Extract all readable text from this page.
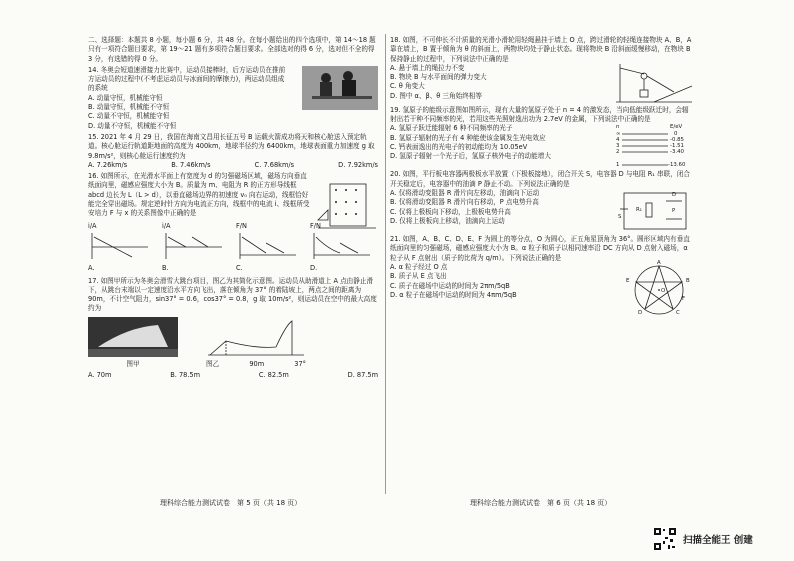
二、选择题：本题共 8 小题，每小题 6 分，共 48 分。在每小题给出的四个选项中，第 14～18 题只有一项符合题目要求，第 19～21 题有多项符合题目要求。全部选对的得 6 分，选对但不全的得 3 分，有选错的得 0 分。

14. 冬奥会短道速滑接力比赛中，运动员接棒时，后方运动员在推前方运动员的过程中(不考虑运动员与冰面间的摩擦力)，两运动员组成的系统

A. 动量守恒，机械能守恒

B. 动量守恒，机械能不守恒

C. 动量不守恒，机械能守恒

D. 动量不守恒，机械能不守恒

15. 2021 年 4 月 29 日，我国在海南文昌用长征五号 B 运载火箭成功将天和核心舱送入预定轨道。核心舱运行轨道距地面的高度为 400km，地球半径约为 6400km，地球表面重力加速度 g 取 9.8m/s²，则核心舱运行速度约为

A. 7.26km/s	B. 7.46km/s	C. 7.68km/s	D. 7.92km/s

16. 如图所示，在光滑水平面上有宽度为 d 的匀强磁场区域，磁场方向垂直纸面向里，磁感应强度大小为 B。质量为 m、电阻为 R 的正方形导线框 abcd 边长为 L（L > d），以垂直磁场边界的初速度 v₀ 向右运动，线框恰好能完全穿出磁场。规定逆时针方向为电流正方向，线框中的电流 i、线框所受安培力 F 与 x 的关系图像中正确的是

i/A  A.
i/A  B.
F/N  C.
F/N  D.

17. 如图甲所示为冬奥会滑雪大跳台项目，图乙为其简化示意图。运动员从助滑道上 A 点由静止滑下，从跳台末端以一定速度沿水平方向飞出，落在倾角为 37° 的着陆坡上，两点之间的距离为 90m，不计空气阻力，sin37° = 0.6，cos37° = 0.8，g 取 10m/s²，则运动员在空中的最大高度约为

图甲	图乙	90m	37°
A. 70m	B. 78.5m	C. 82.5m	D. 87.5m
理科综合能力测试试卷　第 5 页（共 18 页）

18. 如图，不可伸长不计质量的光滑小滑轮用轻绳悬挂于墙上 O 点，跨过滑轮的轻绳连接物块 A、B，A 靠在墙上，B 置于倾角为 θ 的斜面上，两物块均处于静止状态。现将物块 B 沿斜面缓慢移动，在物块 B 保持静止的过程中，下列说法中正确的是

A. 悬于墙上的绳拉力不变

B. 物块 B 与水平面间的弹力变大

C. θ 角变大

D. 图中 α、β、θ 三角始终相等

19. 氢原子的能级示意图如图所示，现有大量的氢原子处于 n = 4 的激发态，当向低能级跃迁时，会辐射出若干种不同频率的光，若用这些光照射逸出功为 2.7eV 的金属，下列说法中正确的是

A. 氢原子跃迁能辐射 6 种不同频率的光子

B. 氢原子辐射的光子有 4 种能使该金属发生光电效应

C. 钙表面逸出的光电子的初动能均为 10.05eV

D. 氢原子辐射一个光子后，氢原子核外电子的动能增大

n	E/eV
∞	0
4	-0.85
3	-1.51
2	-3.40
1	-13.60

20. 如图，平行板电容器两极板水平放置（下极板接地），闭合开关 S，电容器 D 与电阻 R₁ 串联，闭合开关稳定后，电容器中的油滴 P 静止不动。下列说法正确的是

A. 仅将滑动变阻器 R 滑片向左移动，油滴向下运动

B. 仅将滑动变阻器 R 滑片向右移动，P 点电势升高

C. 仅将上极板向下移动，上极板电势升高

D. 仅将上极板向上移动，油滴向上运动

R₁
D
P
S

21. 如图，A、B、C、D、E、F 为圆上的等分点，O 为圆心，正五角星顶角为 36°。圆形区域内有垂直纸面向里的匀强磁场，磁感应强度大小为 B。α 粒子和质子以相同速率沿 DC 方向从 D 点射入磁场，α 粒子从 F 点射出（质子的比荷为 q/m）。下列说法正确的是

A. α 粒子经过 O 点

B. 质子从 E 点飞出

C. 质子在磁场中运动的时间为 2πm/5qB

D. α 粒子在磁场中运动的时间为 4πm/5qB

A
B
C
D
E
F
O
理科综合能力测试试卷　第 6 页（共 18 页）
扫描全能王 创建
